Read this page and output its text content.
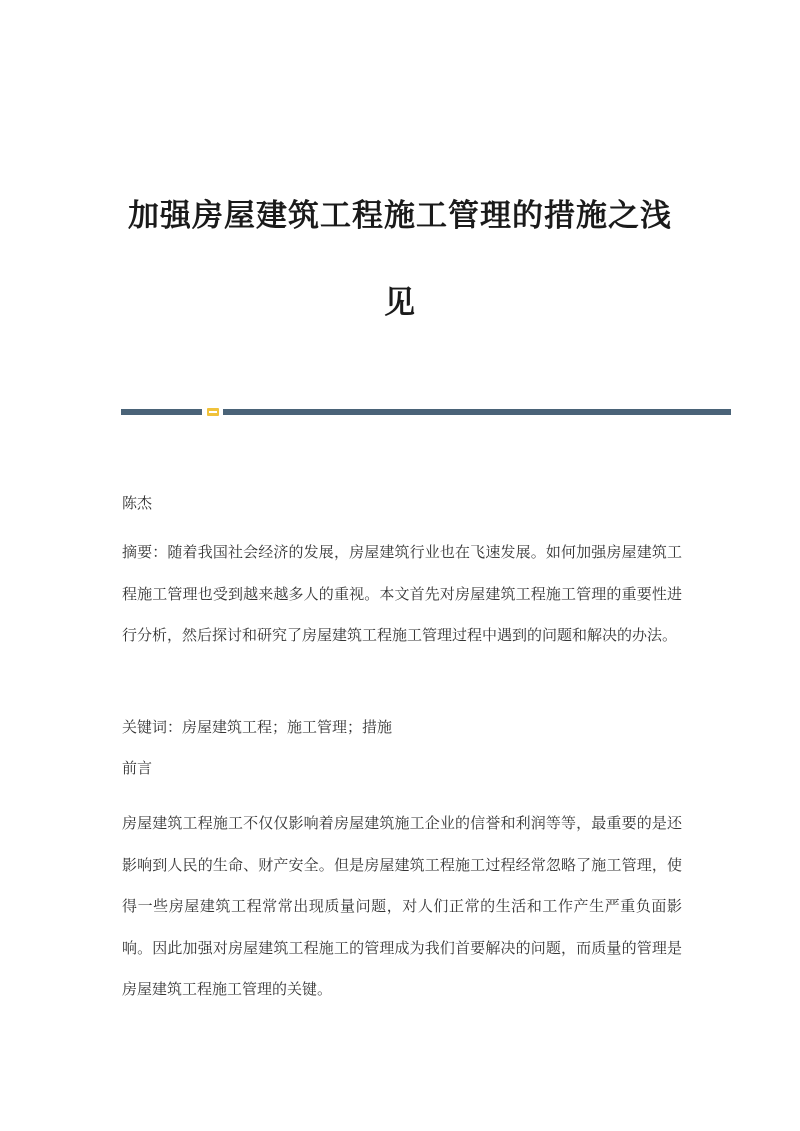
加强房屋建筑工程施工管理的措施之浅
见

陈杰

摘要：随着我国社会经济的发展，房屋建筑行业也在飞速发展。如何加强房屋建筑工程施工管理也受到越来越多人的重视。本文首先对房屋建筑工程施工管理的重要性进行分析，然后探讨和研究了房屋建筑工程施工管理过程中遇到的问题和解决的办法。

关键词：房屋建筑工程；施工管理；措施

前言

房屋建筑工程施工不仅仅影响着房屋建筑施工企业的信誉和利润等等，最重要的是还影响到人民的生命、财产安全。但是房屋建筑工程施工过程经常忽略了施工管理，使得一些房屋建筑工程常常出现质量问题，对人们正常的生活和工作产生严重负面影响。因此加强对房屋建筑工程施工的管理成为我们首要解决的问题，而质量的管理是房屋建筑工程施工管理的关键。
